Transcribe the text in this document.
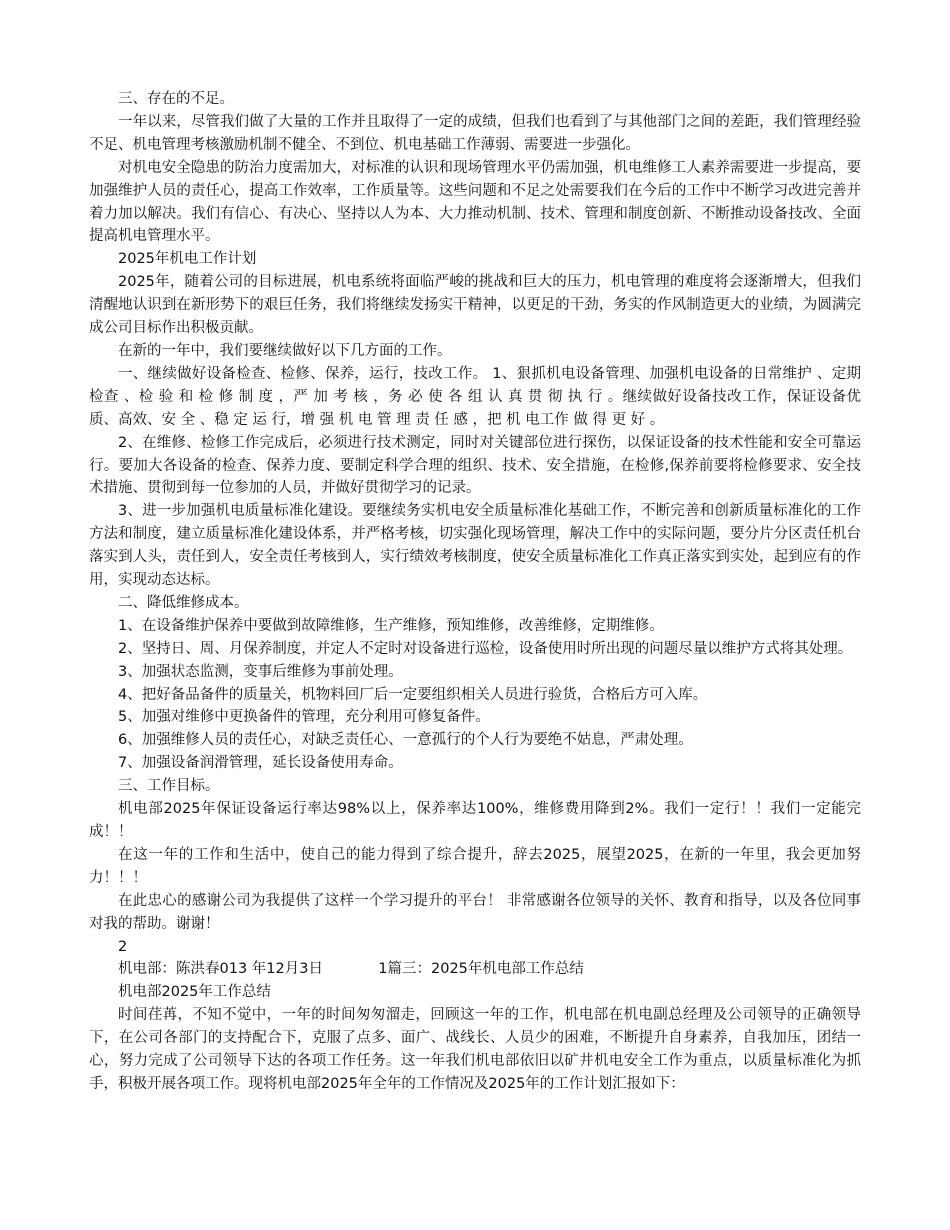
三、存在的不足。

一年以来，尽管我们做了大量的工作并且取得了一定的成绩，但我们也看到了与其他部门之间的差距，我们管理经验不足、机电管理考核激励机制不健全、不到位、机电基础工作薄弱、需要进一步强化。

对机电安全隐患的防治力度需加大，对标准的认识和现场管理水平仍需加强，机电维修工人素养需要进一步提高，要加强维护人员的责任心，提高工作效率，工作质量等。这些问题和不足之处需要我们在今后的工作中不断学习改进完善并着力加以解决。我们有信心、有决心、坚持以人为本、大力推动机制、技术、管理和制度创新、不断推动设备技改、全面提高机电管理水平。

2025年机电工作计划

2025年，随着公司的目标进展，机电系统将面临严峻的挑战和巨大的压力，机电管理的难度将会逐渐增大，但我们清醒地认识到在新形势下的艰巨任务，我们将继续发扬实干精神，以更足的干劲，务实的作风制造更大的业绩，为圆满完成公司目标作出积极贡献。

在新的一年中，我们要继续做好以下几方面的工作。

一、继续做好设备检查、检修、保养，运行，技改工作。 1、狠抓机电设备管理、加强机电设备的日常维护 、定期检查 、检 验 和 检 修 制 度 ，严 加 考 核 ，务 必 使 各 组 认 真 贯 彻 执 行 。继续做好设备技改工作，保证设备优质、高效、安 全 、稳 定 运 行，增 强 机 电 管 理 责 任 感 ，把 机 电工作 做 得 更 好 。

2、在维修、检修工作完成后，必须进行技术测定，同时对关键部位进行探伤，以保证设备的技术性能和安全可靠运行。要加大各设备的检查、保养力度、要制定科学合理的组织、技术、安全措施，在检修,保养前要将检修要求、安全技术措施、贯彻到每一位参加的人员，并做好贯彻学习的记录。

3、进一步加强机电质量标准化建设。要继续务实机电安全质量标准化基础工作，不断完善和创新质量标准化的工作方法和制度，建立质量标准化建设体系，并严格考核，切实强化现场管理，解决工作中的实际问题，要分片分区责任机台落实到人头，责任到人，安全责任考核到人，实行绩效考核制度，使安全质量标准化工作真正落实到实处，起到应有的作用，实现动态达标。

二、降低维修成本。

1、在设备维护保养中要做到故障维修，生产维修，预知维修，改善维修，定期维修。

2、坚持日、周、月保养制度，并定人不定时对设备进行巡检，设备使用时所出现的问题尽量以维护方式将其处理。

3、加强状态监测，变事后维修为事前处理。

4、把好备品备件的质量关，机物料回厂后一定要组织相关人员进行验货，合格后方可入库。

5、加强对维修中更换备件的管理，充分利用可修复备件。

6、加强维修人员的责任心，对缺乏责任心、一意孤行的个人行为要绝不姑息，严肃处理。

7、加强设备润滑管理，延长设备使用寿命。

三、工作目标。

机电部2025年保证设备运行率达98%以上，保养率达100%，维修费用降到2%。我们一定行！！我们一定能完成！！

在这一年的工作和生活中，使自己的能力得到了综合提升，辞去2025，展望2025，在新的一年里，我会更加努力！！！

在此忠心的感谢公司为我提供了这样一个学习提升的平台！ 非常感谢各位领导的关怀、教育和指导，以及各位同事对我的帮助。谢谢！

2

机电部：陈洪春013 年12月3日	1篇三：2025年机电部工作总结

机电部2025年工作总结

时间荏苒，不知不觉中，一年的时间匆匆溜走，回顾这一年的工作，机电部在机电副总经理及公司领导的正确领导下，在公司各部门的支持配合下，克服了点多、面广、战线长、人员少的困难，不断提升自身素养，自我加压，团结一心，努力完成了公司领导下达的各项工作任务。这一年我们机电部依旧以矿井机电安全工作为重点，以质量标准化为抓手，积极开展各项工作。现将机电部2025年全年的工作情况及2025年的工作计划汇报如下：
